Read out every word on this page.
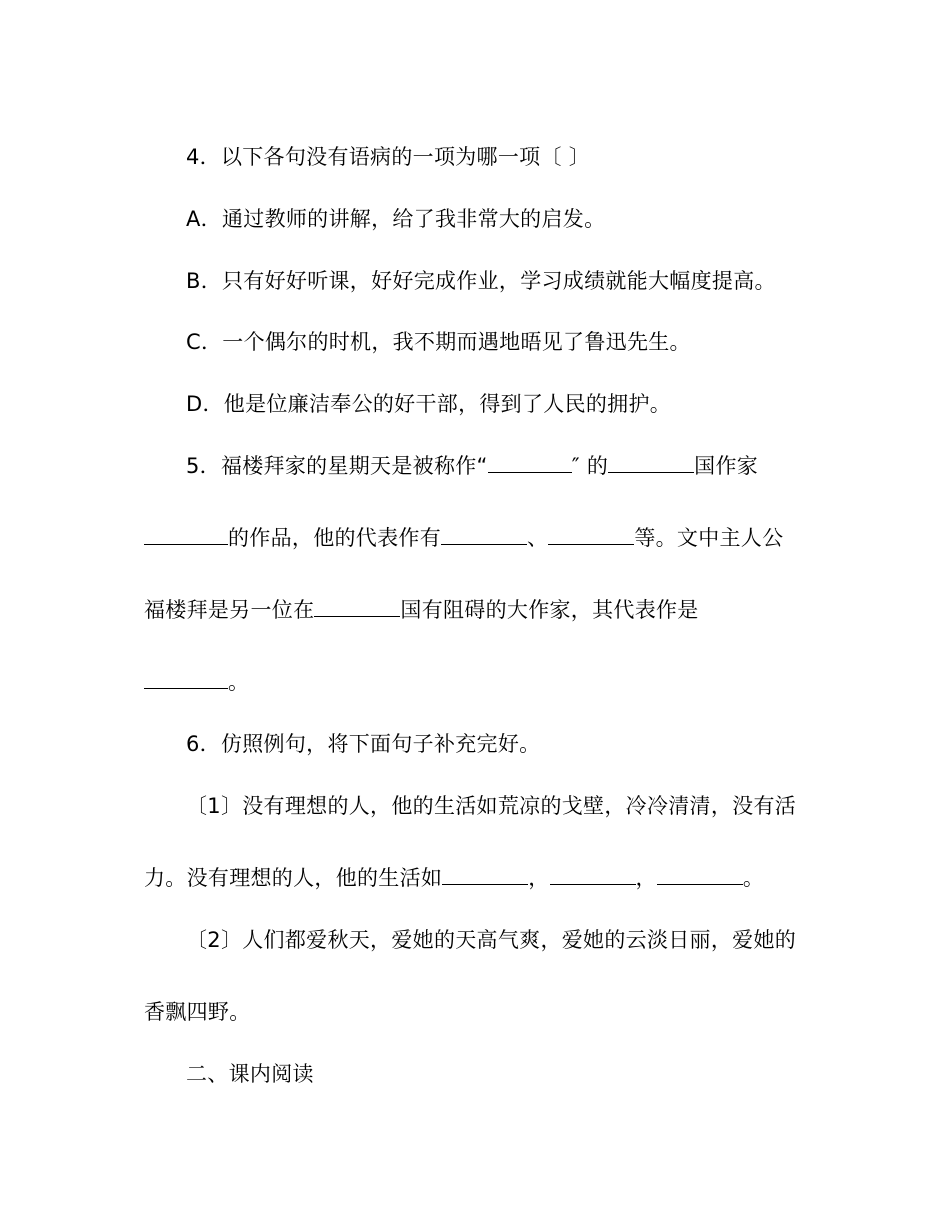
4．以下各句没有语病的一项为哪一项〔 〕
A．通过教师的讲解，给了我非常大的启发。
B．只有好好听课，好好完成作业，学习成绩就能大幅度提高。
C．一个偶尔的时机，我不期而遇地晤见了鲁迅先生。
D．他是位廉洁奉公的好干部，得到了人民的拥护。
5．福楼拜家的星期天是被称作“	″ 的	国作家
的作品，他的代表作有	、	等。文中主人公
福楼拜是另一位在	国有阻碍的大作家，其代表作是
。
6．仿照例句，将下面句子补充完好。
〔1〕没有理想的人，他的生活如荒凉的戈壁，冷冷清清，没有活
力。没有理想的人，他的生活如	，	，	。
〔2〕人们都爱秋天，爱她的天高气爽，爱她的云淡日丽，爱她的
香飘四野。
二、课内阅读
